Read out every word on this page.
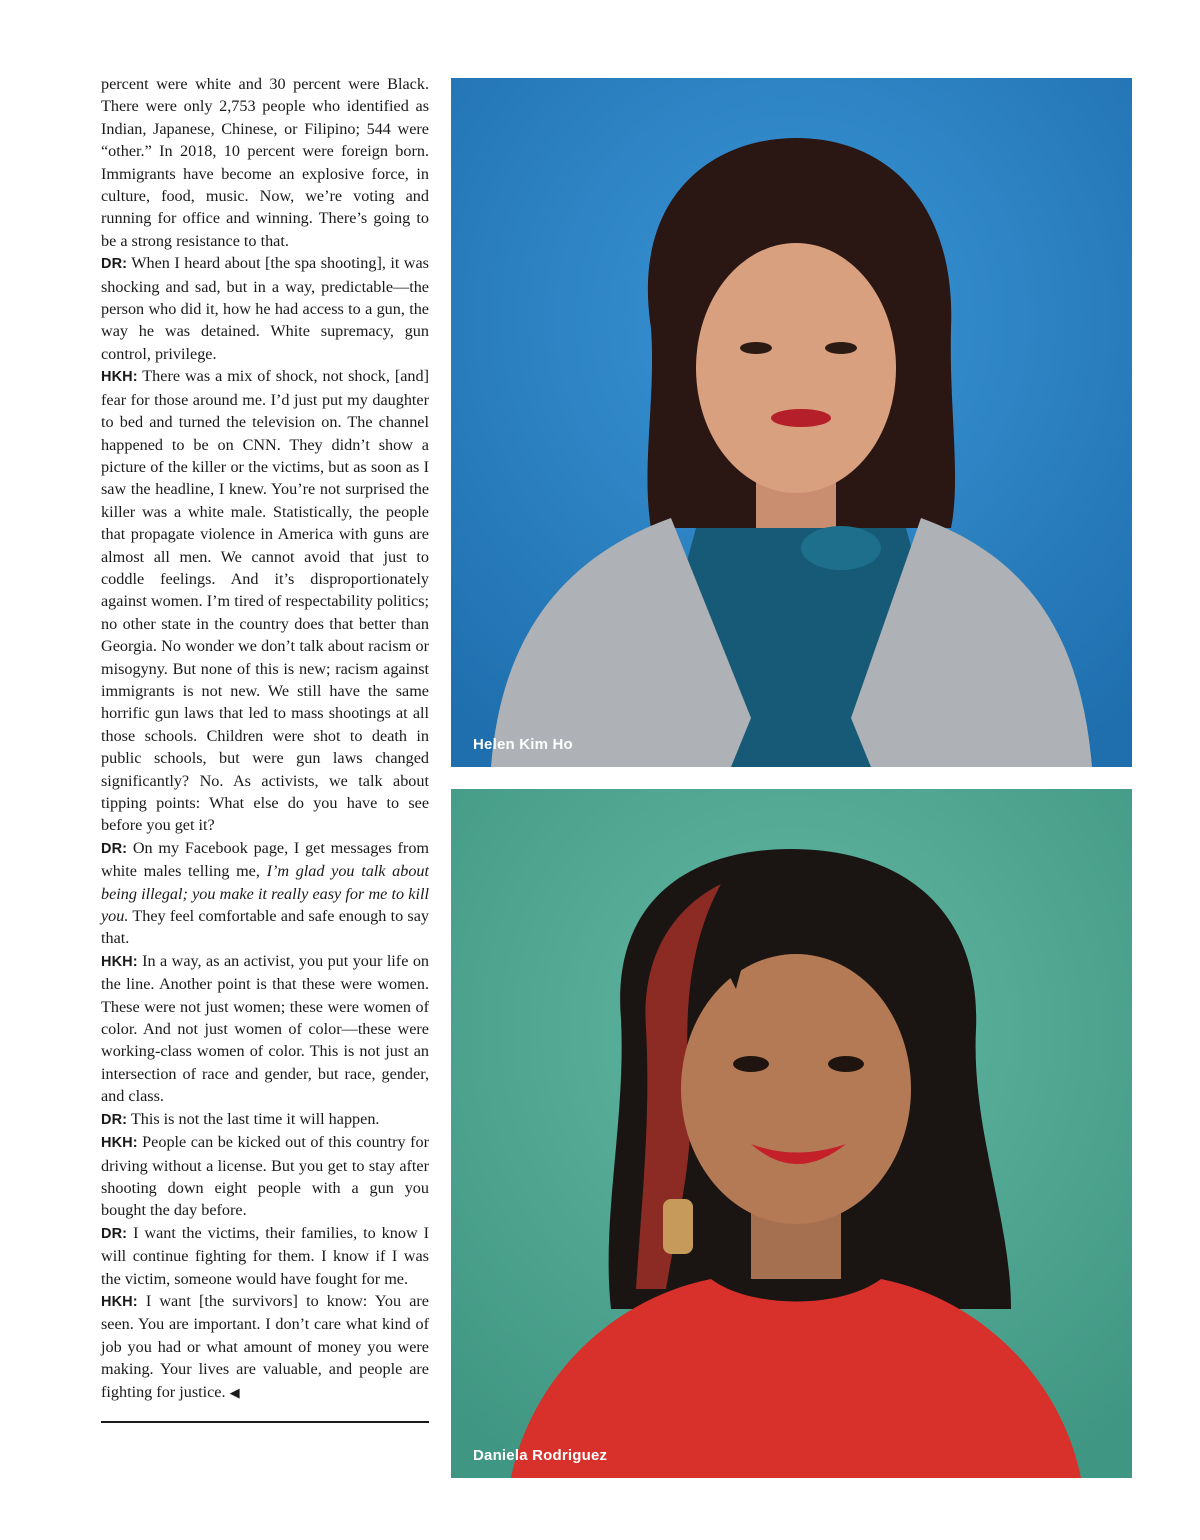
percent were white and 30 percent were Black. There were only 2,753 people who identified as Indian, Japanese, Chinese, or Filipino; 544 were “other.” In 2018, 10 percent were foreign born. Immigrants have become an explosive force, in culture, food, music. Now, we’re voting and running for office and winning. There’s going to be a strong resistance to that.

DR: When I heard about [the spa shooting], it was shocking and sad, but in a way, predictable—the person who did it, how he had access to a gun, the way he was detained. White supremacy, gun control, privilege.

HKH: There was a mix of shock, not shock, [and] fear for those around me. I’d just put my daughter to bed and turned the television on. The channel happened to be on CNN. They didn’t show a picture of the killer or the victims, but as soon as I saw the headline, I knew. You’re not surprised the killer was a white male. Statistically, the people that propagate violence in America with guns are almost all men. We cannot avoid that just to coddle feelings. And it’s disproportionately against women. I’m tired of respectability politics; no other state in the country does that better than Georgia. No wonder we don’t talk about racism or misogyny. But none of this is new; racism against immigrants is not new. We still have the same horrific gun laws that led to mass shootings at all those schools. Children were shot to death in public schools, but were gun laws changed significantly? No. As activists, we talk about tipping points: What else do you have to see before you get it?

DR: On my Facebook page, I get messages from white males telling me, I’m glad you talk about being illegal; you make it really easy for me to kill you. They feel comfortable and safe enough to say that.

HKH: In a way, as an activist, you put your life on the line. Another point is that these were women. These were not just women; these were women of color. And not just women of color—these were working-class women of color. This is not just an intersection of race and gender, but race, gender, and class.

DR: This is not the last time it will happen.

HKH: People can be kicked out of this country for driving without a license. But you get to stay after shooting down eight people with a gun you bought the day before.

DR: I want the victims, their families, to know I will continue fighting for them. I know if I was the victim, someone would have fought for me.

HKH: I want [the survivors] to know: You are seen. You are important. I don’t care what kind of job you had or what amount of money you were making. Your lives are valuable, and people are fighting for justice. ◀

Helen Kim Ho
Daniela Rodriguez
